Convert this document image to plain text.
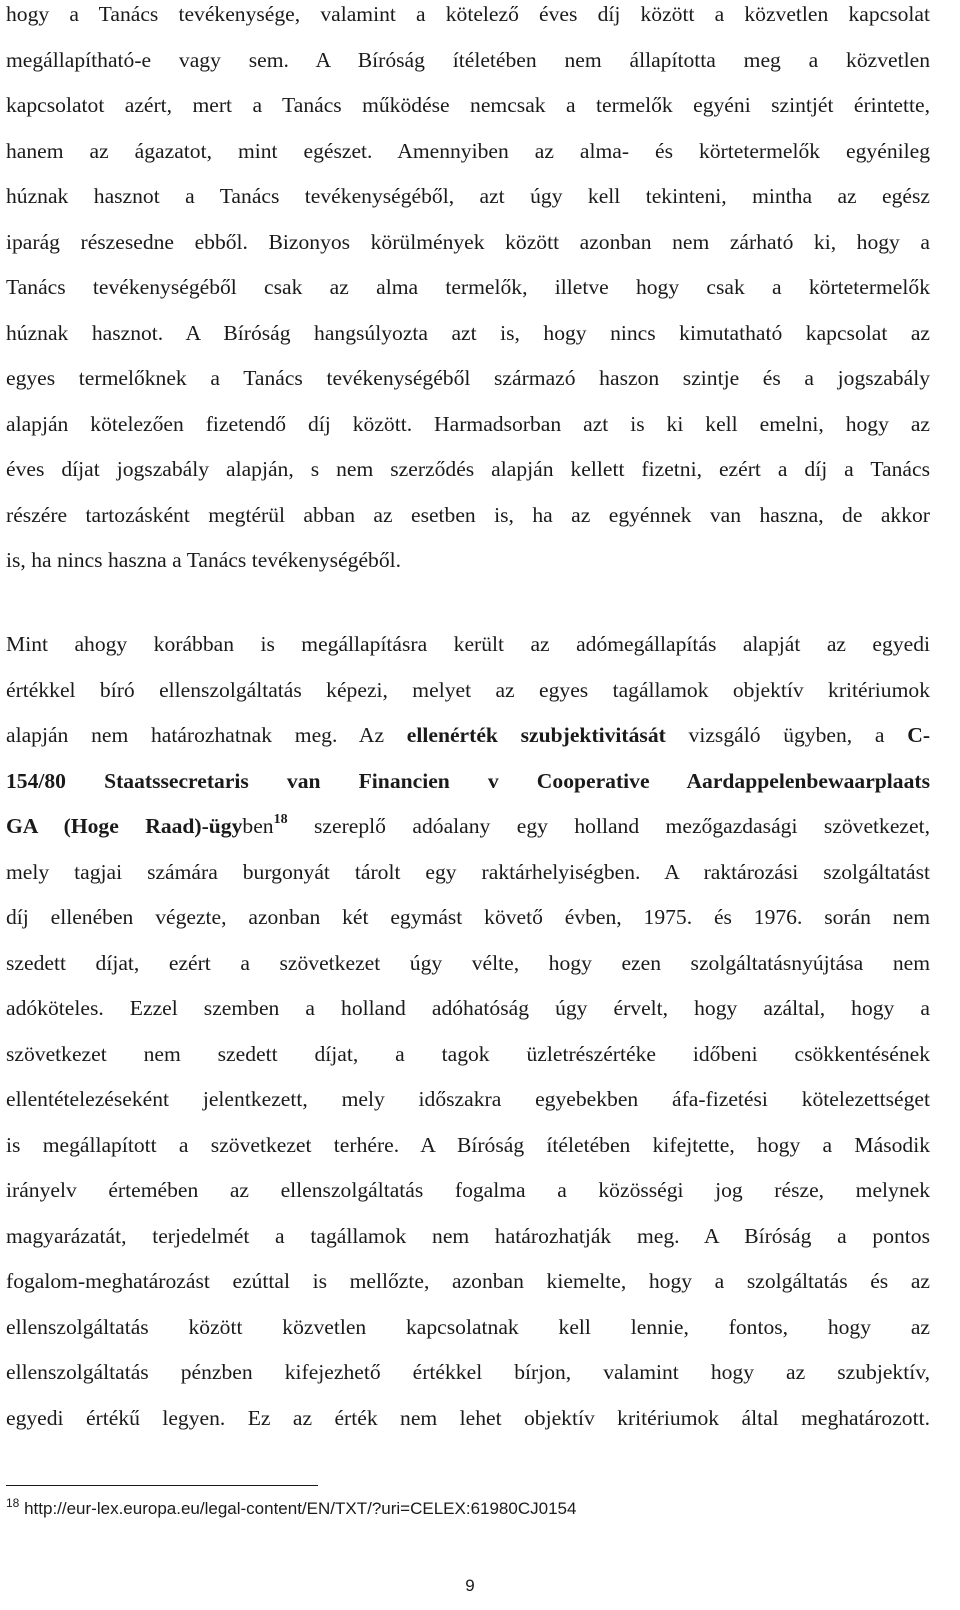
hogy a Tanács tevékenysége, valamint a kötelező éves díj között a közvetlen kapcsolat
megállapítható-e vagy sem. A Bíróság ítéletében nem állapította meg a közvetlen
kapcsolatot azért, mert a Tanács működése nemcsak a termelők egyéni szintjét érintette,
hanem az ágazatot, mint egészet. Amennyiben az alma- és körtetermelők egyénileg
húznak hasznot a Tanács tevékenységéből, azt úgy kell tekinteni, mintha az egész
iparág részesedne ebből. Bizonyos körülmények között azonban nem zárható ki, hogy a
Tanács tevékenységéből csak az alma termelők, illetve hogy csak a körtetermelők
húznak hasznot. A Bíróság hangsúlyozta azt is, hogy nincs kimutatható kapcsolat az
egyes termelőknek a Tanács tevékenységéből származó haszon szintje és a jogszabály
alapján kötelezően fizetendő díj között. Harmadsorban azt is ki kell emelni, hogy az
éves díjat jogszabály alapján, s nem szerződés alapján kellett fizetni, ezért a díj a Tanács
részére tartozásként megtérül abban az esetben is, ha az egyénnek van haszna, de akkor
is, ha nincs haszna a Tanács tevékenységéből.
Mint ahogy korábban is megállapításra került az adómegállapítás alapját az egyedi
értékkel bíró ellenszolgáltatás képezi, melyet az egyes tagállamok objektív kritériumok
alapján nem határozhatnak meg. Az ellenérték szubjektivitását vizsgáló ügyben, a C-
154/80 Staatssecretaris van Financien v Cooperative Aardappelenbewaarplaats
GA (Hoge Raad)-ügyben$^{18}$ szereplő adóalany egy holland mezőgazdasági szövetkezet,
mely tagjai számára burgonyát tárolt egy raktárhelyiségben. A raktározási szolgáltatást
díj ellenében végezte, azonban két egymást követő évben, 1975. és 1976. során nem
szedett díjat, ezért a szövetkezet úgy vélte, hogy ezen szolgáltatásnyújtása nem
adóköteles. Ezzel szemben a holland adóhatóság úgy érvelt, hogy azáltal, hogy a
szövetkezet nem szedett díjat, a tagok üzletrészértéke időbeni csökkentésének
ellentételezéseként jelentkezett, mely időszakra egyebekben áfa-fizetési kötelezettséget
is megállapított a szövetkezet terhére. A Bíróság ítéletében kifejtette, hogy a Második
irányelv értemében az ellenszolgáltatás fogalma a közösségi jog része, melynek
magyarázatát, terjedelmét a tagállamok nem határozhatják meg. A Bíróság a pontos
fogalom-meghatározást ezúttal is mellőzte, azonban kiemelte, hogy a szolgáltatás és az
ellenszolgáltatás között közvetlen kapcsolatnak kell lennie, fontos, hogy az
ellenszolgáltatás pénzben kifejezhető értékkel bírjon, valamint hogy az szubjektív,
egyedi értékű legyen. Ez az érték nem lehet objektív kritériumok által meghatározott.
$^{18}$ http://eur-lex.europa.eu/legal-content/EN/TXT/?uri=CELEX:61980CJ0154
9
